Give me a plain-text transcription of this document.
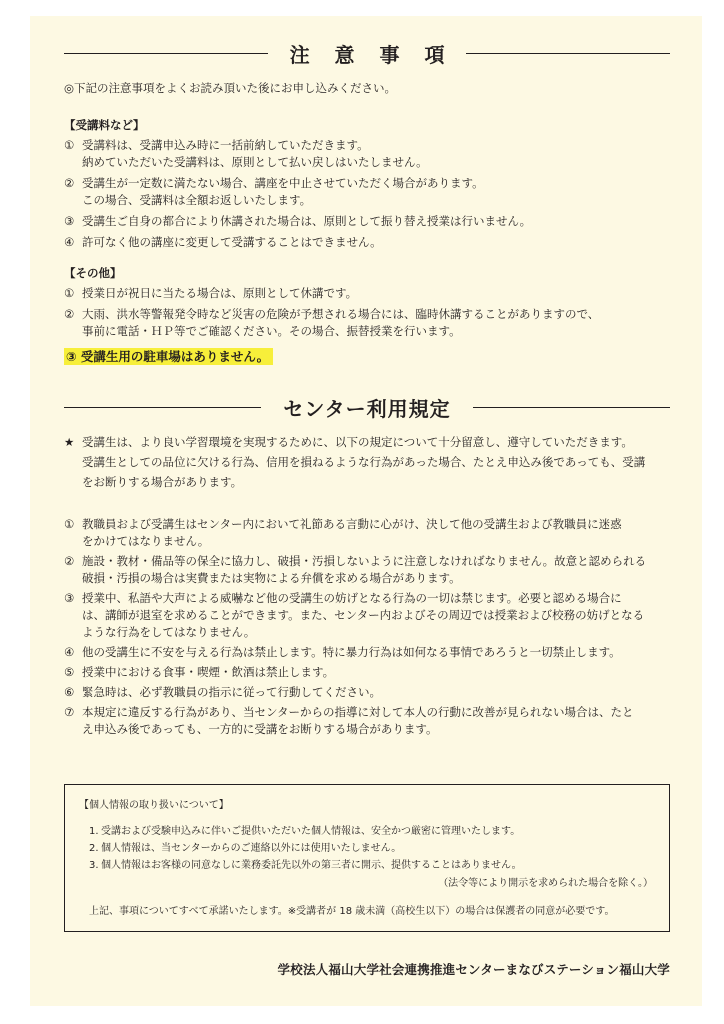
注 意 事 項
◎下記の注意事項をよくお読み頂いた後にお申し込みください。
【受講料など】
① 受講料は、受講申込み時に一括前納していただきます。
納めていただいた受講料は、原則として払い戻しはいたしません。
② 受講生が一定数に満たない場合、講座を中止させていただく場合があります。
この場合、受講料は全額お返しいたします。
③ 受講生ご自身の都合により休講された場合は、原則として振り替え授業は行いません。
④ 許可なく他の講座に変更して受講することはできません。
【その他】
① 授業日が祝日に当たる場合は、原則として休講です。
② 大雨、洪水等警報発令時など災害の危険が予想される場合には、臨時休講することがありますので、
事前に電話・ＨＰ等でご確認ください。その場合、振替授業を行います。
③ 受講生用の駐車場はありません。
センター利用規定
★ 受講生は、より良い学習環境を実現するために、以下の規定について十分留意し、遵守していただきます。
受講生としての品位に欠ける行為、信用を損ねるような行為があった場合、たとえ申込み後であっても、受講
をお断りする場合があります。
① 教職員および受講生はセンター内において礼節ある言動に心がけ、決して他の受講生および教職員に迷惑
をかけてはなりません。
② 施設・教材・備品等の保全に協力し、破損・汚損しないように注意しなければなりません。故意と認められる
破損・汚損の場合は実費または実物による弁償を求める場合があります。
③ 授業中、私語や大声による威嚇など他の受講生の妨げとなる行為の一切は禁じます。必要と認める場合に
は、講師が退室を求めることができます。また、センター内およびその周辺では授業および校務の妨げとなる
ような行為をしてはなりません。
④ 他の受講生に不安を与える行為は禁止します。特に暴力行為は如何なる事情であろうと一切禁止します。
⑤ 授業中における食事・喫煙・飲酒は禁止します。
⑥ 緊急時は、必ず教職員の指示に従って行動してください。
⑦ 本規定に違反する行為があり、当センターからの指導に対して本人の行動に改善が見られない場合は、たと
え申込み後であっても、一方的に受講をお断りする場合があります。
【個人情報の取り扱いについて】
1. 受講および受験申込みに伴いご提供いただいた個人情報は、安全かつ厳密に管理いたします。
2. 個人情報は、当センターからのご連絡以外には使用いたしません。
3. 個人情報はお客様の同意なしに業務委託先以外の第三者に開示、提供することはありません。
（法令等により開示を求められた場合を除く。）
上記、事項についてすべて承諾いたします。※受講者が 18 歳未満（高校生以下）の場合は保護者の同意が必要です。
学校法人福山大学社会連携推進センターまなびステーション福山大学
